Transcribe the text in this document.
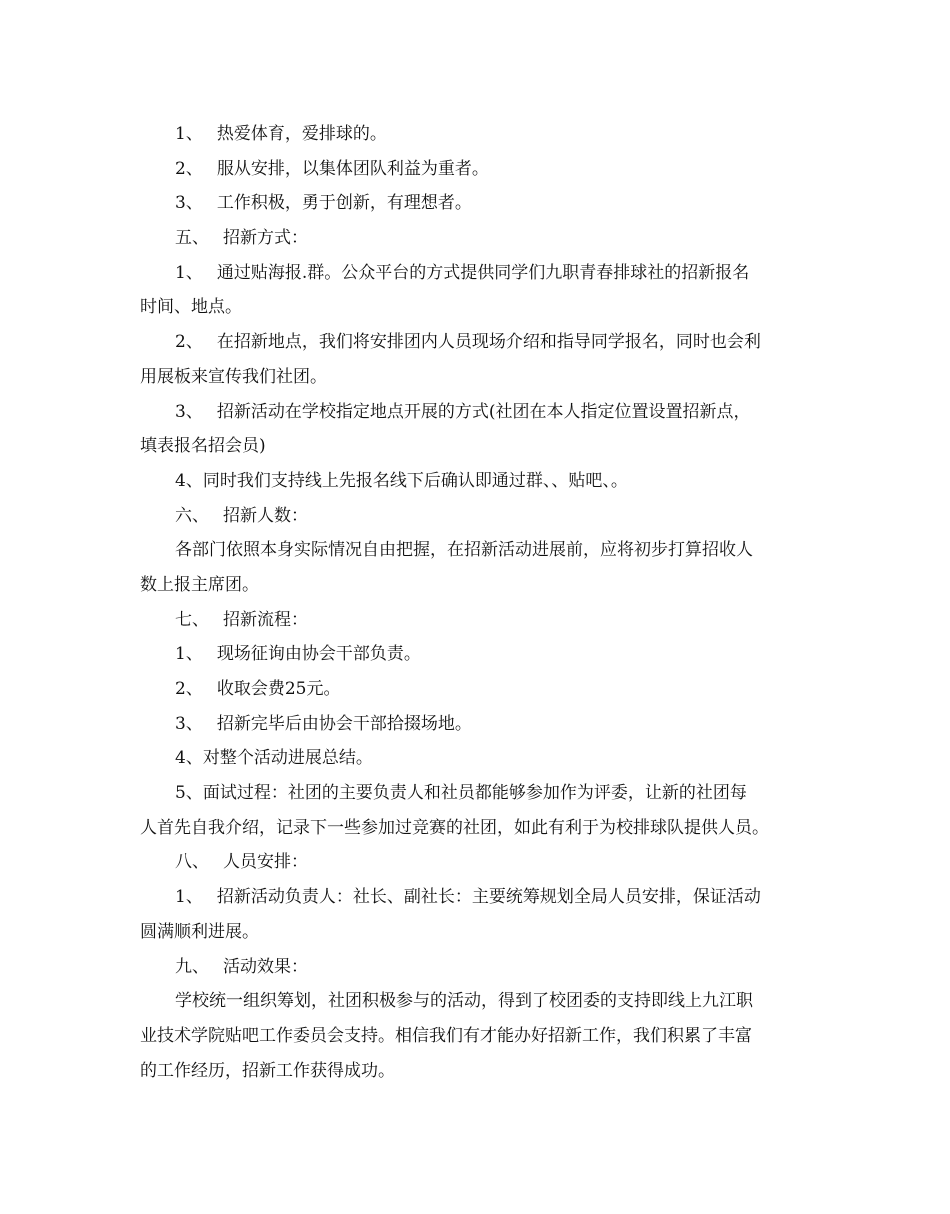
1、 热爱体育，爱排球的。
2、 服从安排，以集体团队利益为重者。
3、 工作积极，勇于创新，有理想者。
五、 招新方式：
1、 通过贴海报.群。公众平台的方式提供同学们九职青春排球社的招新报名
时间、地点。
2、 在招新地点，我们将安排团内人员现场介绍和指导同学报名，同时也会利
用展板来宣传我们社团。
3、 招新活动在学校指定地点开展的方式(社团在本人指定位置设置招新点，
填表报名招会员)
4、同时我们支持线上先报名线下后确认即通过群、、贴吧、。
六、 招新人数：
各部门依照本身实际情况自由把握，在招新活动进展前，应将初步打算招收人
数上报主席团。
七、 招新流程：
1、 现场征询由协会干部负责。
2、 收取会费25元。
3、 招新完毕后由协会干部拾掇场地。
4、对整个活动进展总结。
5、面试过程：社团的主要负责人和社员都能够参加作为评委，让新的社团每
人首先自我介绍，记录下一些参加过竞赛的社团，如此有利于为校排球队提供人员。
八、 人员安排：
1、 招新活动负责人：社长、副社长：主要统筹规划全局人员安排，保证活动
圆满顺利进展。
九、 活动效果：
学校统一组织筹划，社团积极参与的活动，得到了校团委的支持即线上九江职
业技术学院贴吧工作委员会支持。相信我们有才能办好招新工作，我们积累了丰富
的工作经历，招新工作获得成功。
